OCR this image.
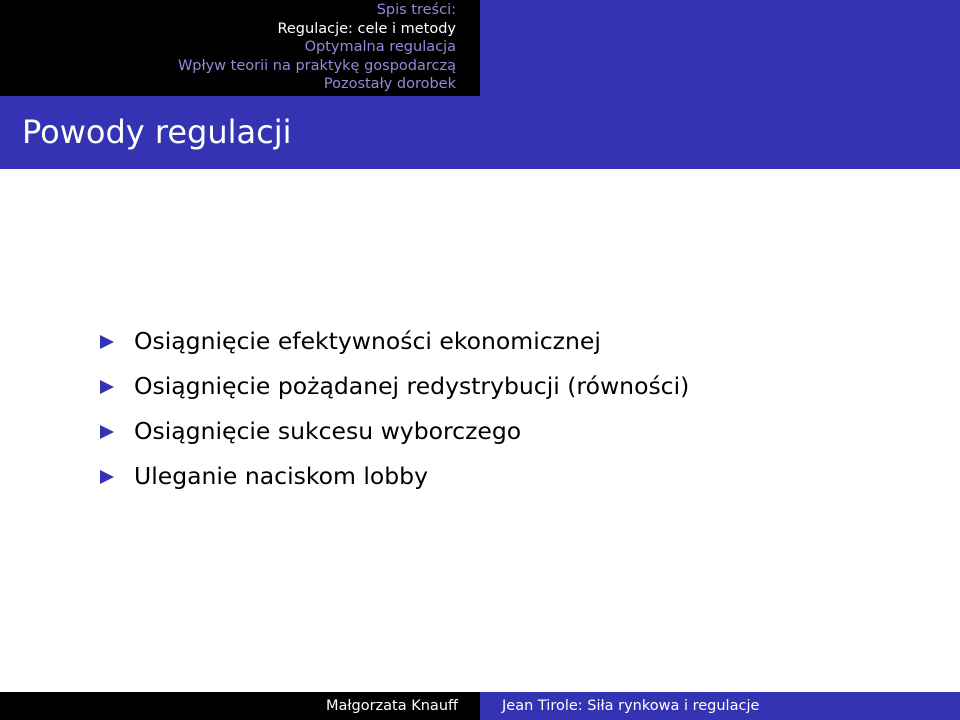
Spis treści:
Regulacje: cele i metody
Optymalna regulacja
Wpływ teorii na praktykę gospodarczą
Pozostały dorobek
Powody regulacji
Osiągnięcie efektywności ekonomicznej
Osiągnięcie pożądanej redystrybucji (równości)
Osiągnięcie sukcesu wyborczego
Uleganie naciskom lobby
Małgorzata Knauff	Jean Tirole: Siła rynkowa i regulacje
